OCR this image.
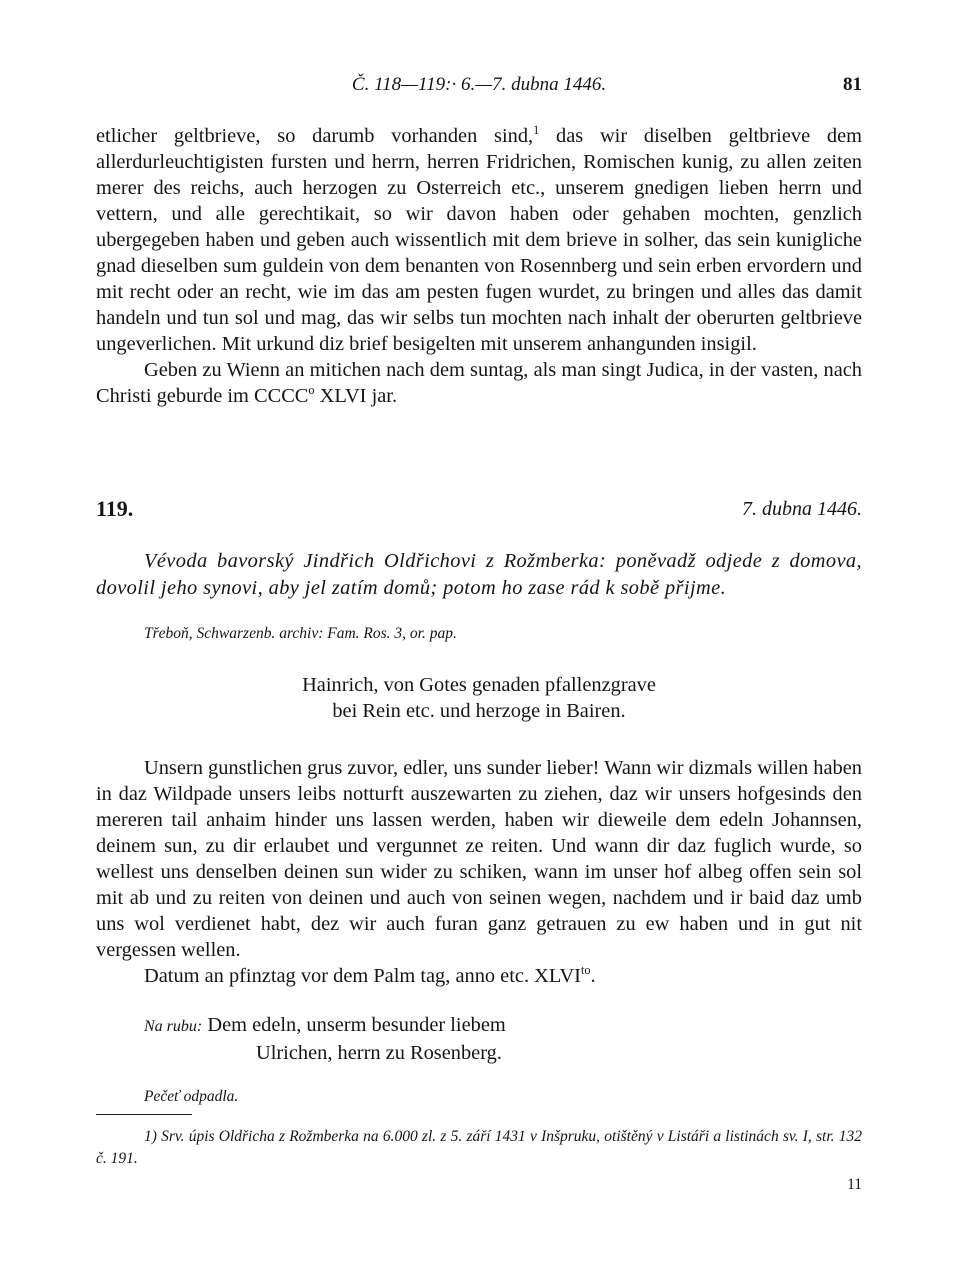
Č. 118—119:· 6.—7. dubna 1446.	81
etlicher geltbrieve, so darumb vorhanden sind,$^1$ das wir diselben geltbrieve dem allerdurleuchtigisten fursten und herrn, herren Fridrichen, Romischen kunig, zu allen zeiten merer des reichs, auch herzogen zu Osterreich etc., unserem gnedigen lieben herrn und vettern, und alle gerechtikait, so wir davon haben oder gehaben mochten, genzlich ubergegeben haben und geben auch wissentlich mit dem brieve in solher, das sein kunigliche gnad dieselben sum guldein von dem benanten von Rosennberg und sein erben ervordern und mit recht oder an recht, wie im das am pesten fugen wurdet, zu bringen und alles das damit handeln und tun sol und mag, das wir selbs tun mochten nach inhalt der oberurten geltbrieve ungeverlichen. Mit urkund diz brief besigelten mit unserem anhangunden insigil.
Geben zu Wienn an mitichen nach dem suntag, als man singt Judica, in der vasten, nach Christi geburde im CCCC$^o$ XLVI jar.
119.	7. dubna 1446.
Vévoda bavorský Jindřich Oldřichovi z Rožmberka: poněvadž odjede z domova, dovolil jeho synovi, aby jel zatím domů; potom ho zase rád k sobě přijme.
Třeboň, Schwarzenb. archiv: Fam. Ros. 3, or. pap.
Hainrich, von Gotes genaden pfallenzgrave
bei Rein etc. und herzoge in Bairen.
Unsern gunstlichen grus zuvor, edler, uns sunder lieber! Wann wir dizmals willen haben in daz Wildpade unsers leibs notturft auszewarten zu ziehen, daz wir unsers hofgesinds den mereren tail anhaim hinder uns lassen werden, haben wir dieweile dem edeln Johannsen, deinem sun, zu dir erlaubet und vergunnet ze reiten. Und wann dir daz fuglich wurde, so wellest uns denselben deinen sun wider zu schiken, wann im unser hof albeg offen sein sol mit ab und zu reiten von deinen und auch von seinen wegen, nachdem und ir baid daz umb uns wol verdienet habt, dez wir auch furan ganz getrauen zu ew haben und in gut nit vergessen wellen.
Datum an pfinztag vor dem Palm tag, anno etc. $XLVI^{to}$.
Na rubu: Dem edeln, unserm besunder liebem
Ulrichen, herrn zu Rosenberg.
Pečeť odpadla.
1) Srv. úpis Oldřicha z Rožmberka na 6.000 zl. z 5. září 1431 v Inšpruku, otištěný v Listáři a listinách sv. I, str. 132 č. 191.
11
